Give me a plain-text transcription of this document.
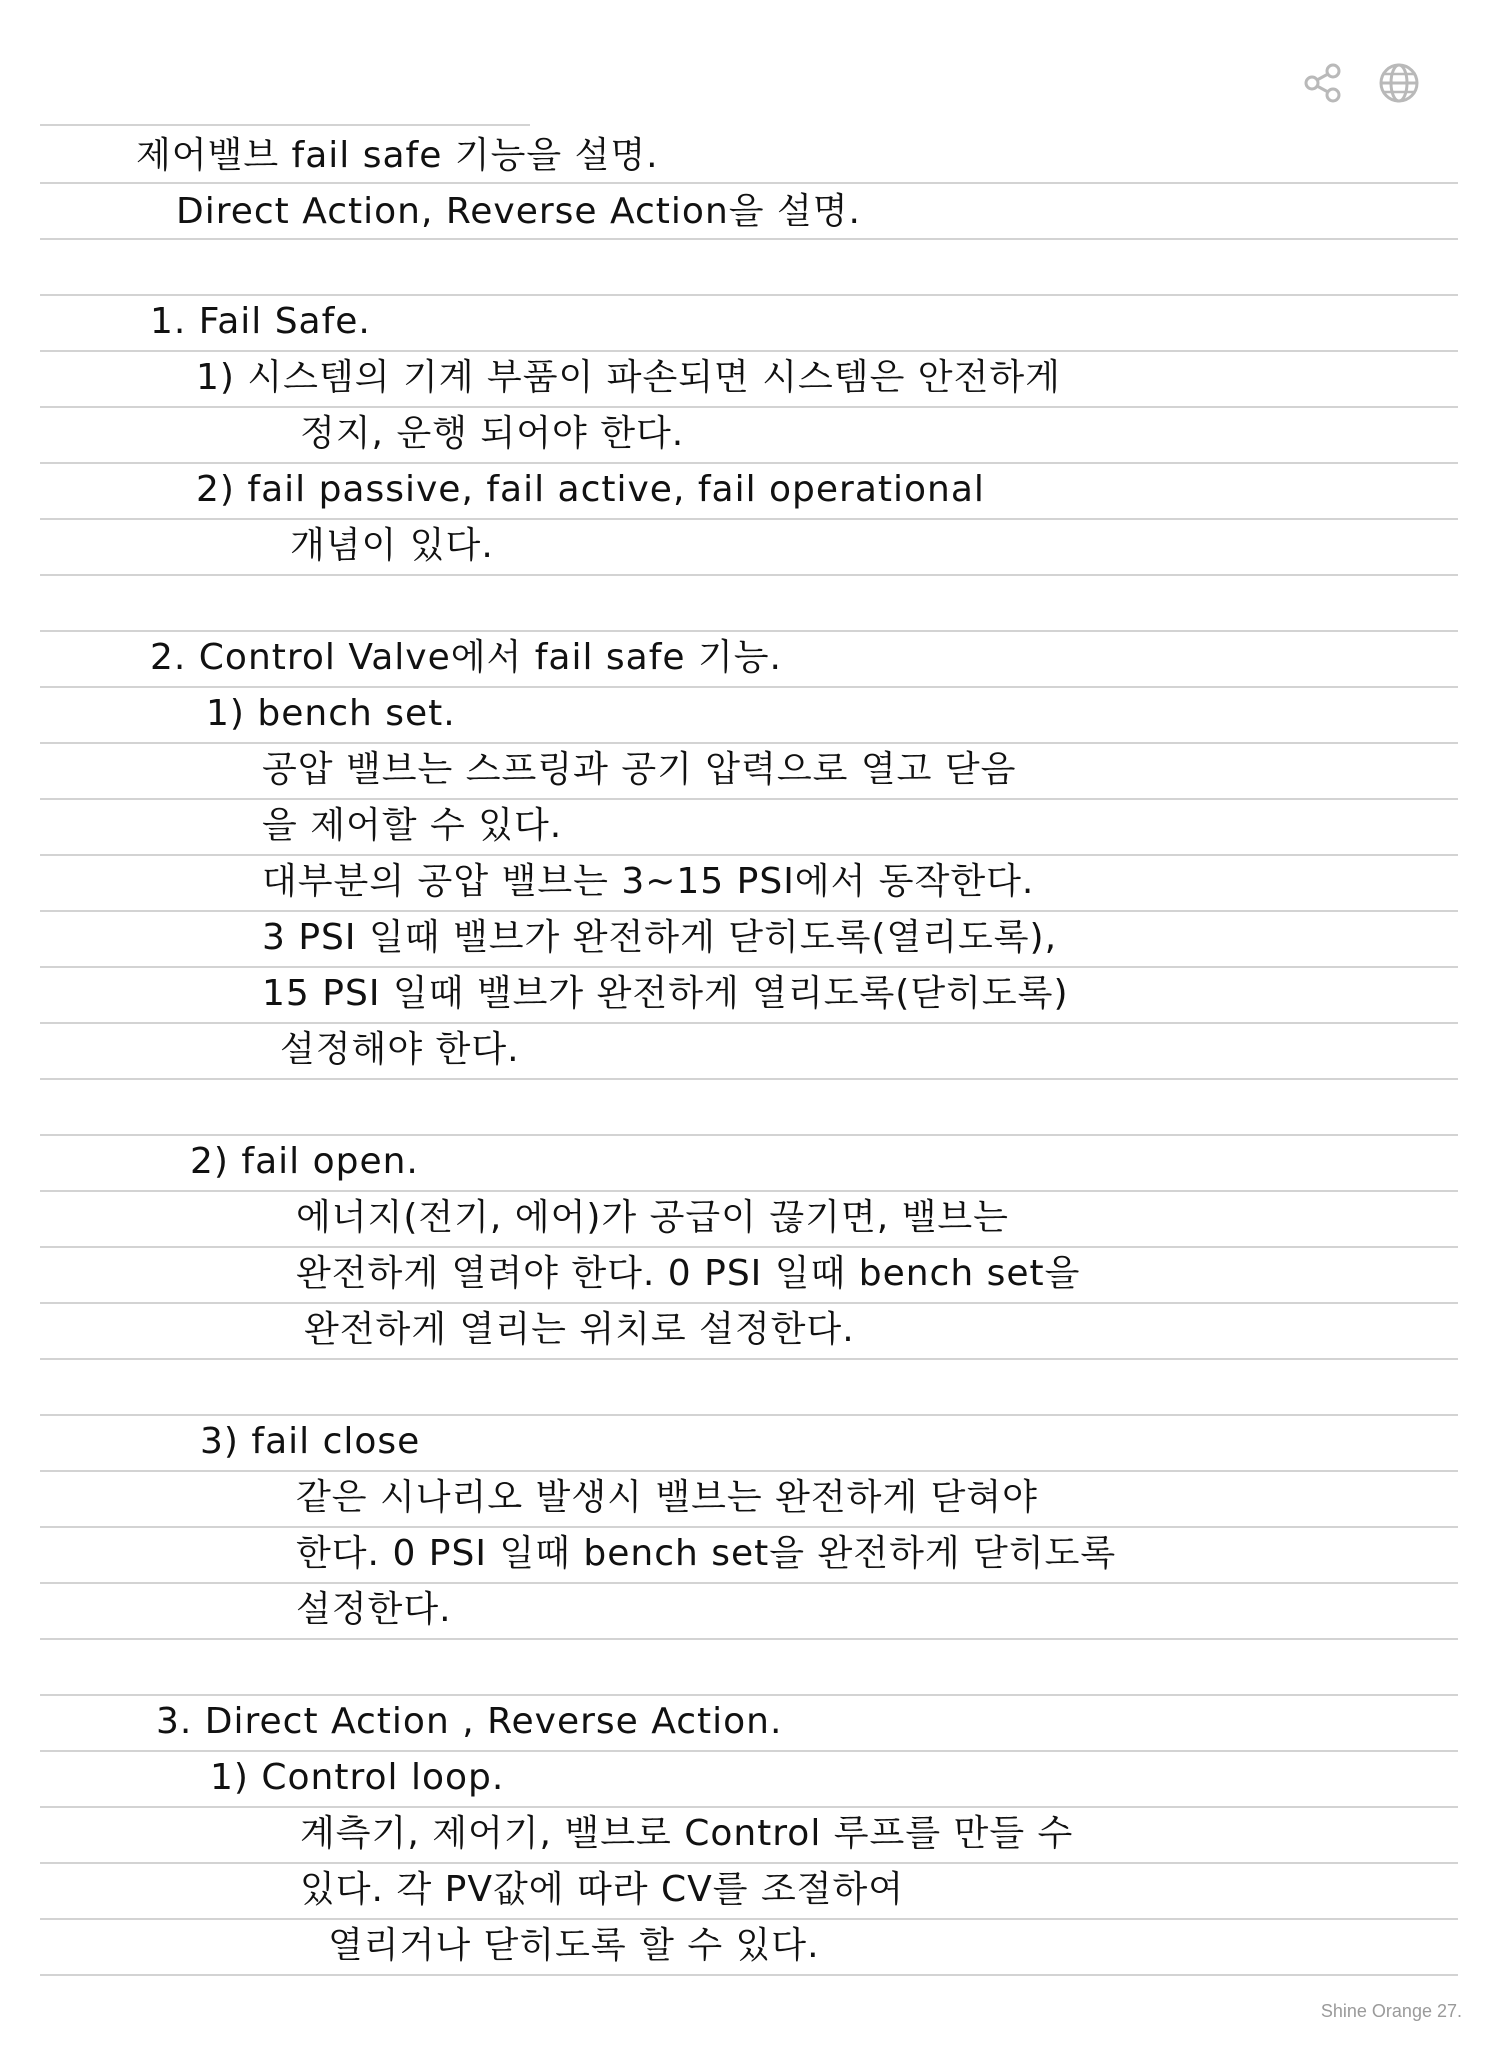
제어밸브 fail safe 기능을 설명.
Direct Action, Reverse Action을 설명.
1. Fail Safe.
1) 시스템의 기계 부품이 파손되면 시스템은 안전하게
정지, 운행 되어야 한다.
2) fail passive, fail active, fail operational
개념이 있다.
2. Control Valve에서 fail safe 기능.
1) bench set.
공압 밸브는 스프링과 공기 압력으로 열고 닫음
을 제어할 수 있다.
대부분의 공압 밸브는 3~15 PSI에서 동작한다.
3 PSI 일때 밸브가 완전하게 닫히도록(열리도록),
15 PSI 일때 밸브가 완전하게 열리도록(닫히도록)
설정해야 한다.
2) fail open.
에너지(전기, 에어)가 공급이 끊기면, 밸브는
완전하게 열려야 한다. 0 PSI 일때 bench set을
완전하게 열리는 위치로 설정한다.
3) fail close
같은 시나리오 발생시 밸브는 완전하게 닫혀야
한다. 0 PSI 일때 bench set을 완전하게 닫히도록
설정한다.
3. Direct Action , Reverse Action.
1) Control loop.
계측기, 제어기, 밸브로 Control 루프를 만들 수
있다. 각 PV값에 따라 CV를 조절하여
열리거나 닫히도록 할 수 있다.
Shine Orange 27.
